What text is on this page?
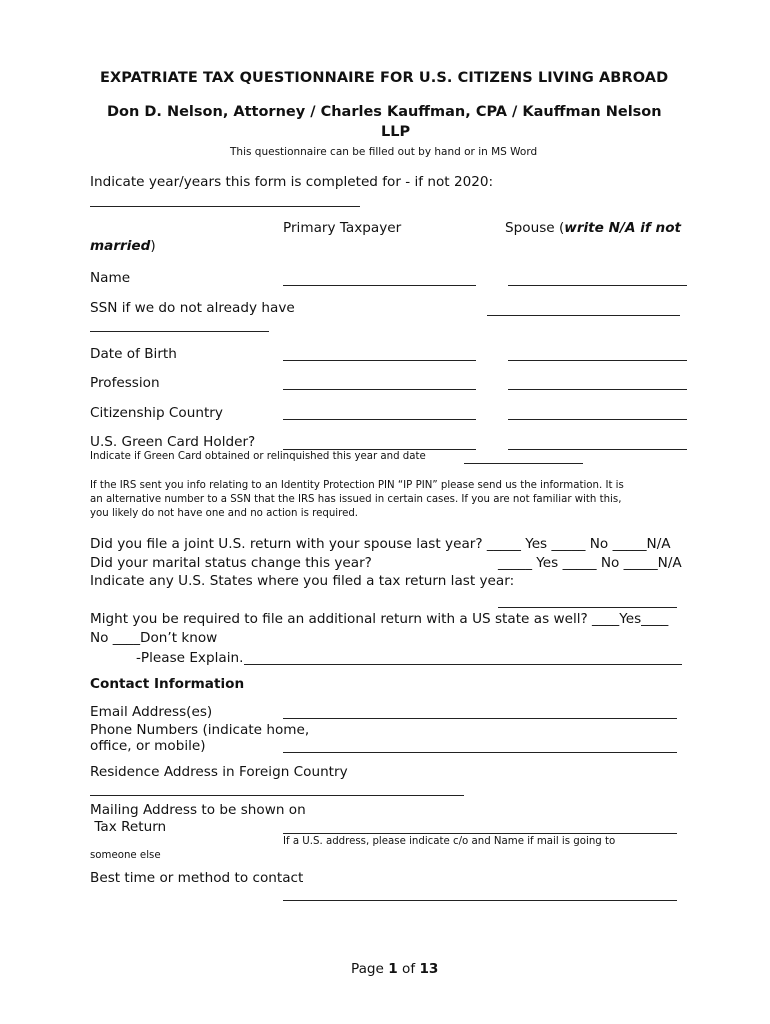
EXPATRIATE TAX QUESTIONNAIRE FOR U.S. CITIZENS LIVING ABROAD
Don D. Nelson, Attorney / Charles Kauffman, CPA / Kauffman Nelson
LLP
This questionnaire can be filled out by hand or in MS Word
Indicate year/years this form is completed for - if not 2020:
Primary Taxpayer	Spouse (write N/A if not
married)
Name
SSN if we do not already have
Date of Birth
Profession
Citizenship Country
U.S. Green Card Holder?
Indicate if Green Card obtained or relinquished this year and date
If the IRS sent you info relating to an Identity Protection PIN “IP PIN” please send us the information. It is
an alternative number to a SSN that the IRS has issued in certain cases. If you are not familiar with this,
you likely do not have one and no action is required.
Did you file a joint U.S. return with your spouse last year? _____ Yes _____ No _____N/A
Did your marital status change this year?	_____ Yes _____ No _____N/A
Indicate any U.S. States where you filed a tax return last year:
Might you be required to file an additional return with a US state as well? ____Yes____
No ____Don’t know
-Please Explain.
Contact Information
Email Address(es)
Phone Numbers (indicate home,
office, or mobile)
Residence Address in Foreign Country
Mailing Address to be shown on
Tax Return
If a U.S. address, please indicate c/o and Name if mail is going to
someone else
Best time or method to contact
Page 1 of 13
